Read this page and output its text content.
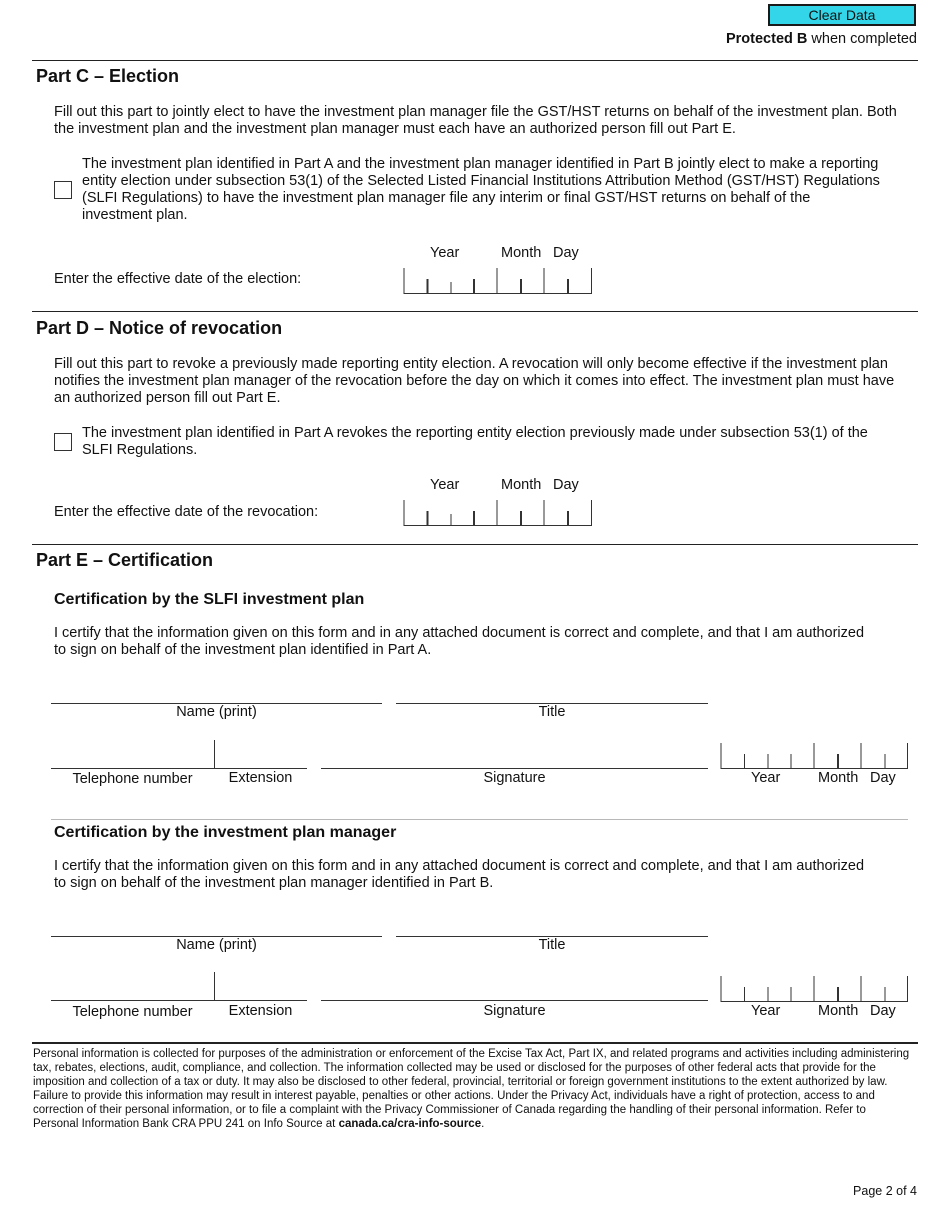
Clear Data
Protected B when completed
Part C – Election
Fill out this part to jointly elect to have the investment plan manager file the GST/HST returns on behalf of the investment plan. Both the investment plan and the investment plan manager must each have an authorized person fill out Part E.
The investment plan identified in Part A and the investment plan manager identified in Part B jointly elect to make a reporting entity election under subsection 53(1) of the Selected Listed Financial Institutions Attribution Method (GST/HST) Regulations (SLFI Regulations) to have the investment plan manager file any interim or final GST/HST returns on behalf of the investment plan.
Year	Month Day
Enter the effective date of the election:
Part D – Notice of revocation
Fill out this part to revoke a previously made reporting entity election. A revocation will only become effective if the investment plan notifies the investment plan manager of the revocation before the day on which it comes into effect. The investment plan must have an authorized person fill out Part E.
The investment plan identified in Part A revokes the reporting entity election previously made under subsection 53(1) of the SLFI Regulations.
Year	Month Day
Enter the effective date of the revocation:
Part E – Certification
Certification by the SLFI investment plan
I certify that the information given on this form and in any attached document is correct and complete, and that I am authorized to sign on behalf of the investment plan identified in Part A.
Name (print)	Title
Telephone number	Extension	Signature	Year	Month Day
Certification by the investment plan manager
I certify that the information given on this form and in any attached document is correct and complete, and that I am authorized to sign on behalf of the investment plan manager identified in Part B.
Name (print)	Title
Telephone number	Extension	Signature	Year	Month Day
Personal information is collected for purposes of the administration or enforcement of the Excise Tax Act, Part IX, and related programs and activities including administering tax, rebates, elections, audit, compliance, and collection. The information collected may be used or disclosed for the purposes of other federal acts that provide for the imposition and collection of a tax or duty. It may also be disclosed to other federal, provincial, territorial or foreign government institutions to the extent authorized by law. Failure to provide this information may result in interest payable, penalties or other actions. Under the Privacy Act, individuals have a right of protection, access to and correction of their personal information, or to file a complaint with the Privacy Commissioner of Canada regarding the handling of their personal information. Refer to Personal Information Bank CRA PPU 241 on Info Source at canada.ca/cra-info-source.
Page 2 of 4
